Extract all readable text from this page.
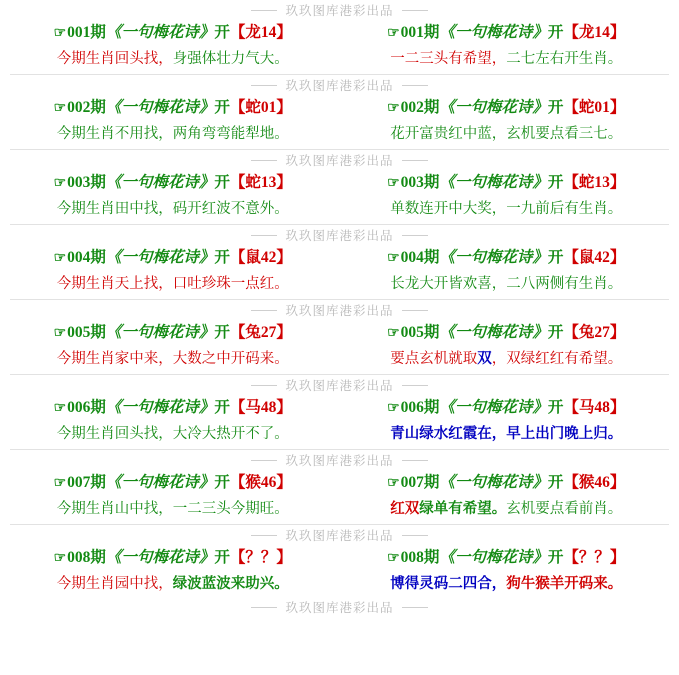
玖玖图库港彩出品
☞001期《一句梅花诗》开【龙14】	☞001期《一句梅花诗》开【龙14】
今期生肖回头找，身强体壮力气大。	一二三头有希望，二七左右开生肖。
玖玖图库港彩出品
☞002期《一句梅花诗》开【蛇01】	☞002期《一句梅花诗》开【蛇01】
今期生肖不用找，两角弯弯能犁地。	花开富贵红中蓝，玄机要点看三七。
玖玖图库港彩出品
☞003期《一句梅花诗》开【蛇13】	☞003期《一句梅花诗》开【蛇13】
今期生肖田中找，码开红波不意外。	单数连开中大奖，一九前后有生肖。
玖玖图库港彩出品
☞004期《一句梅花诗》开【鼠42】	☞004期《一句梅花诗》开【鼠42】
今期生肖天上找，口吐珍珠一点红。	长龙大开皆欢喜，二八两侧有生肖。
玖玖图库港彩出品
☞005期《一句梅花诗》开【兔27】	☞005期《一句梅花诗》开【兔27】
今期生肖家中来，大数之中开码来。	要点玄机就取双，双绿红红有希望。
玖玖图库港彩出品
☞006期《一句梅花诗》开【马48】	☞006期《一句梅花诗》开【马48】
今期生肖回头找，大冷大热开不了。	青山绿水红霞在，早上出门晚上归。
玖玖图库港彩出品
☞007期《一句梅花诗》开【猴46】	☞007期《一句梅花诗》开【猴46】
今期生肖山中找，一二三头今期旺。	红双绿单有希望。玄机要点看前肖。
玖玖图库港彩出品
☞008期《一句梅花诗》开【？？】	☞008期《一句梅花诗》开【？？】
今期生肖园中找，绿波蓝波来助兴。	博得灵码二四合，狗牛猴羊开码来。
玖玖图库港彩出品
